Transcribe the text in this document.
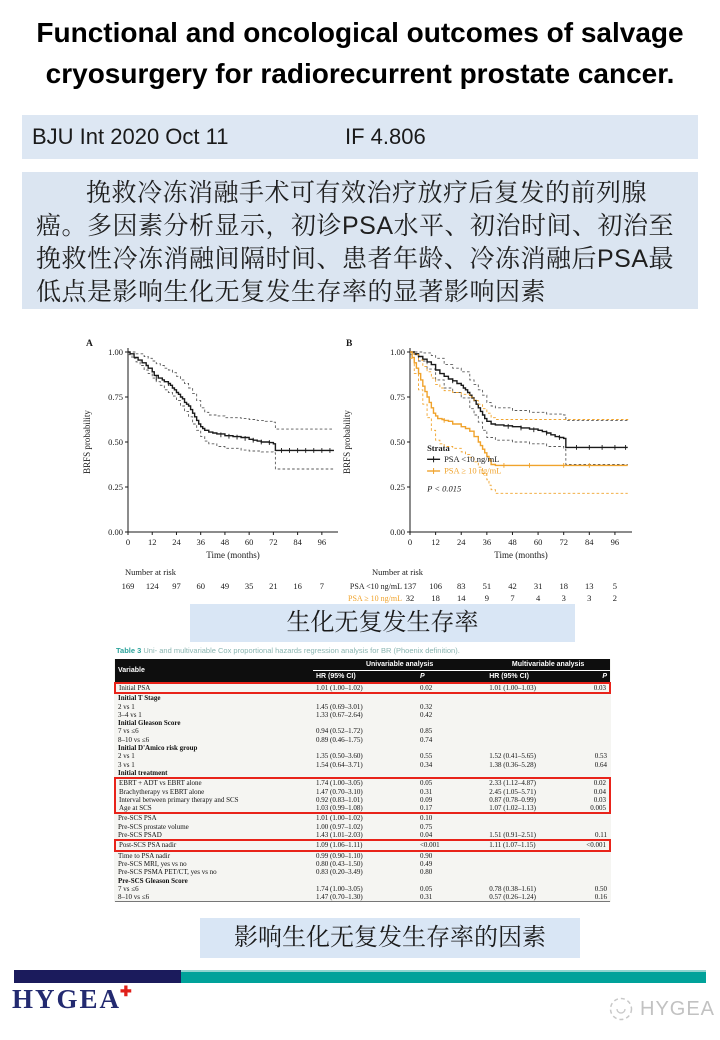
Functional and oncological outcomes of salvage
cryosurgery for radiorecurrent prostate cancer.
BJU Int 2020 Oct 11	IF 4.806

挽救冷冻消融手术可有效治疗放疗后复发的前列腺癌。多因素分析显示，初诊PSA水平、初治时间、初治至挽救性冷冻消融间隔时间、患者年龄、冷冻消融后PSA最低点是影响生化无复发生存率的显著影响因素

0.00
0.25
0.50
0.75
1.00
0 12 24 36 48 60 72 84 96
Time (months)
BRFS probability
A
Number at risk
169 124 97 60 49 35 21 16 7
0.00
0.25
0.50
0.75
1.00
0 12 24 36 48 60 72 84 96
Time (months)
BRFS probability
B
Strata
PSA <10 ng/mL
PSA ≥ 10 ng/mL
P < 0.015
Number at risk
PSA <10 ng/mL 137 106 83 51 42 31 18 13 5
PSA ≥ 10 ng/mL 32 18 14 9	7	4	3	3	2
生化无复发生存率
Table 3 Uni- and multivariable Cox proportional hazards regression analysis for BR (Phoenix definition).
Variable	Univariable analysis		Multivariable analysis	
	HR (95% CI)	P	HR (95% CI)	P
Initial PSA	1.01 (1.00–1.02)	0.02	1.01 (1.00–1.03)	0.03
Initial T Stage				
2 vs 1	1.45 (0.69–3.01)	0.32		
3–4 vs 1	1.33 (0.67–2.64)	0.42		
Initial Gleason Score				
7 vs ≤6	0.94 (0.52–1.72)	0.85		
8–10 vs ≤6	0.89 (0.46–1.75)	0.74		
Initial D'Amico risk group				
2 vs 1	1.35 (0.50–3.60)	0.55	1.52 (0.41–5.65)	0.53
3 vs 1	1.54 (0.64–3.71)	0.34	1.38 (0.36–5.28)	0.64
Initial treatment				
EBRT + ADT vs EBRT alone	1.74 (1.00–3.05)	0.05	2.33 (1.12–4.87)	0.02
Brachytherapy vs EBRT alone	1.47 (0.70–3.10)	0.31	2.45 (1.05–5.71)	0.04
Interval between primary therapy and SCS	0.92 (0.83–1.01)	0.09	0.87 (0.78–0.99)	0.03
Age at SCS	1.03 (0.99–1.08)	0.17	1.07 (1.02–1.13)	0.005
Pre-SCS PSA	1.01 (1.00–1.02)	0.10		
Pre-SCS prostate volume	1.00 (0.97–1.02)	0.75		
Pre-SCS PSAD	1.43 (1.01–2.03)	0.04	1.51 (0.91–2.51)	0.11
Post-SCS PSA nadir	1.09 (1.06–1.11)	<0.001	1.11 (1.07–1.15)	<0.001
Time to PSA nadir	0.99 (0.90–1.10)	0.90		
Pre-SCS MRI, yes vs no	0.80 (0.43–1.50)	0.49		
Pre-SCS PSMA PET/CT, yes vs no	0.83 (0.20–3.49)	0.80		
Pre-SCS Gleason Score				
7 vs ≤6	1.74 (1.00–3.05)	0.05	0.78 (0.38–1.61)	0.50
8–10 vs ≤6	1.47 (0.70–1.30)	0.31	0.57 (0.26–1.24)	0.16
影响生化无复发生存率的因素
HYGEA✚
HYGEA
